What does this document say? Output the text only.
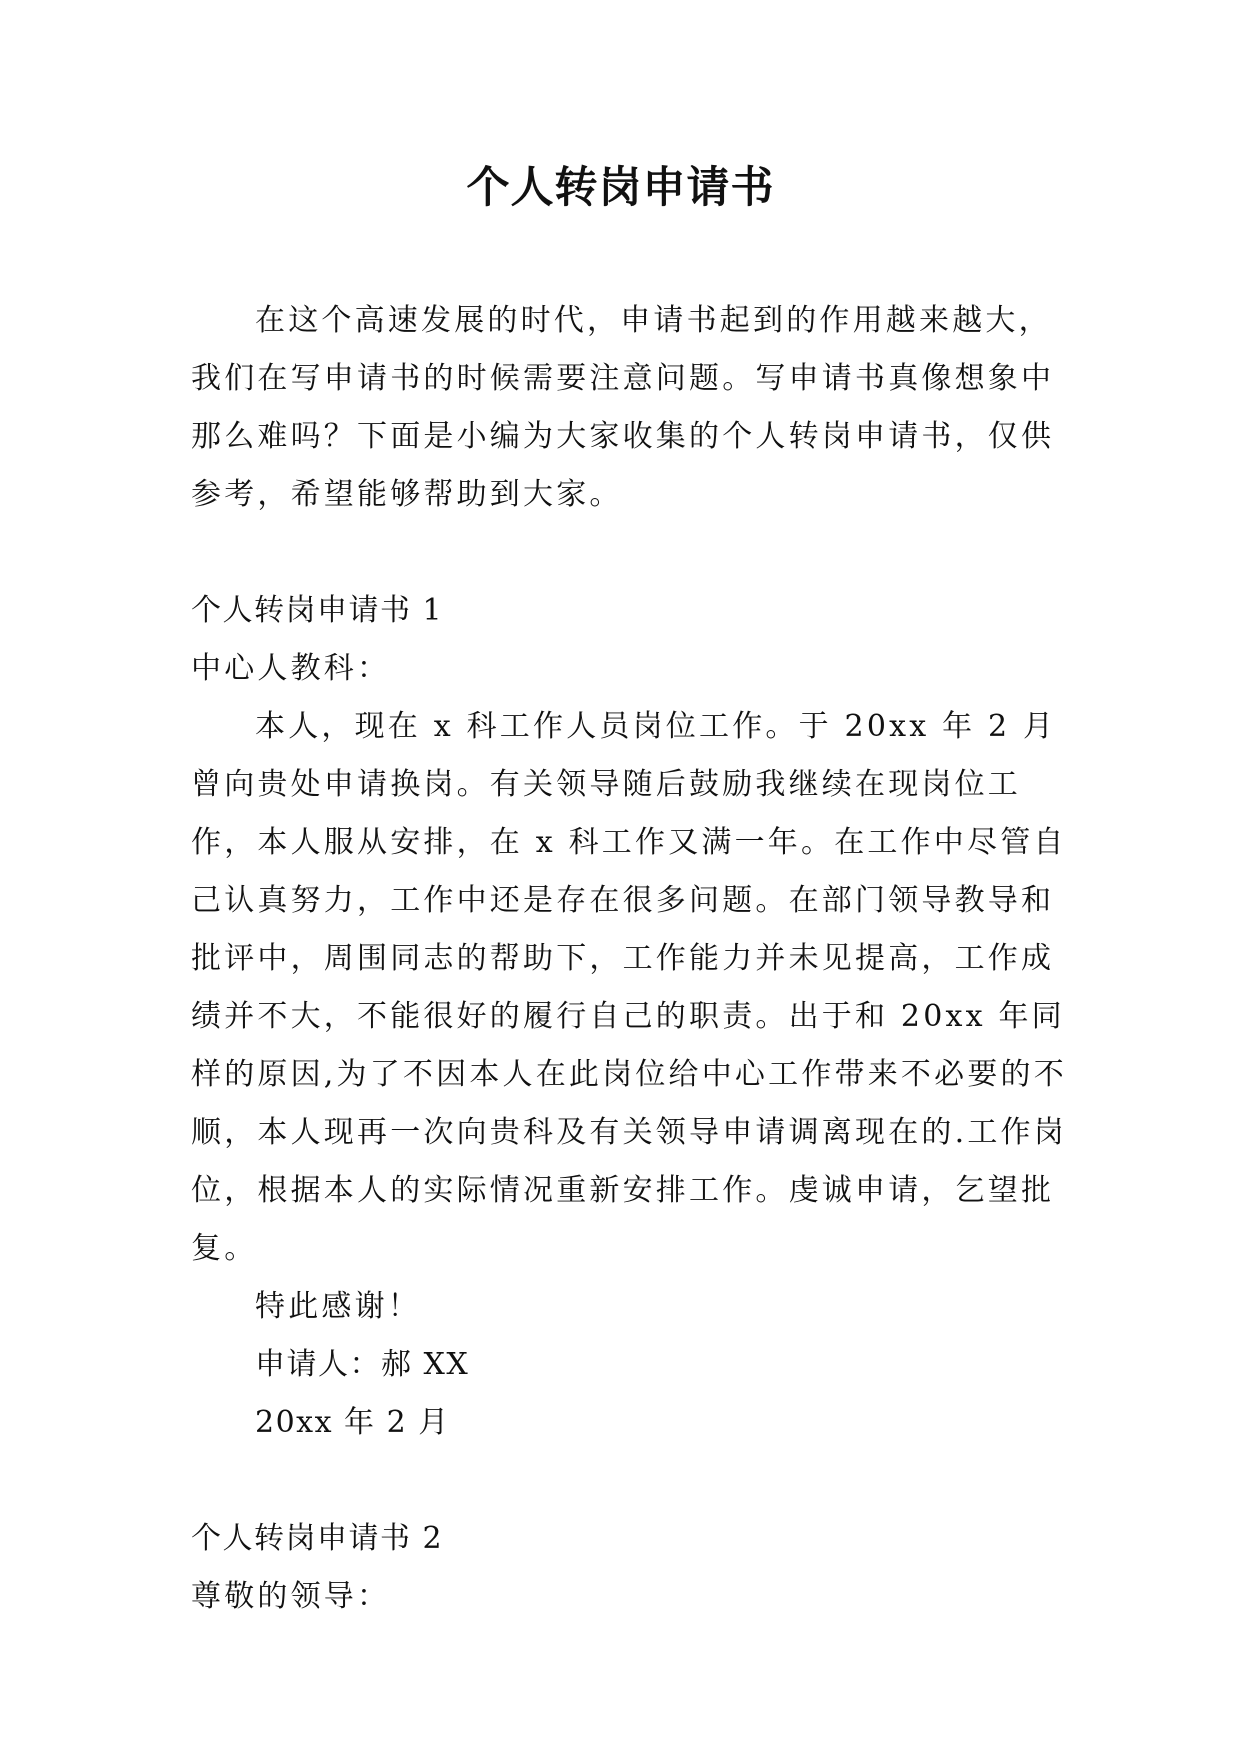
个人转岗申请书

在这个高速发展的时代，申请书起到的作用越来越大，我们在写申请书的时候需要注意问题。写申请书真像想象中那么难吗？下面是小编为大家收集的个人转岗申请书，仅供参考，希望能够帮助到大家。

个人转岗申请书 1

中心人教科：

本人，现在 x 科工作人员岗位工作。于 20xx 年 2 月曾向贵处申请换岗。有关领导随后鼓励我继续在现岗位工作，本人服从安排，在 x 科工作又满一年。在工作中尽管自己认真努力，工作中还是存在很多问题。在部门领导教导和批评中，周围同志的帮助下，工作能力并未见提高，工作成绩并不大，不能很好的履行自己的职责。出于和 20xx 年同样的原因,为了不因本人在此岗位给中心工作带来不必要的不顺，本人现再一次向贵科及有关领导申请调离现在的.工作岗位，根据本人的实际情况重新安排工作。虔诚申请，乞望批复。

特此感谢！

申请人：郝 XX

20xx 年 2 月

个人转岗申请书 2

尊敬的领导：
